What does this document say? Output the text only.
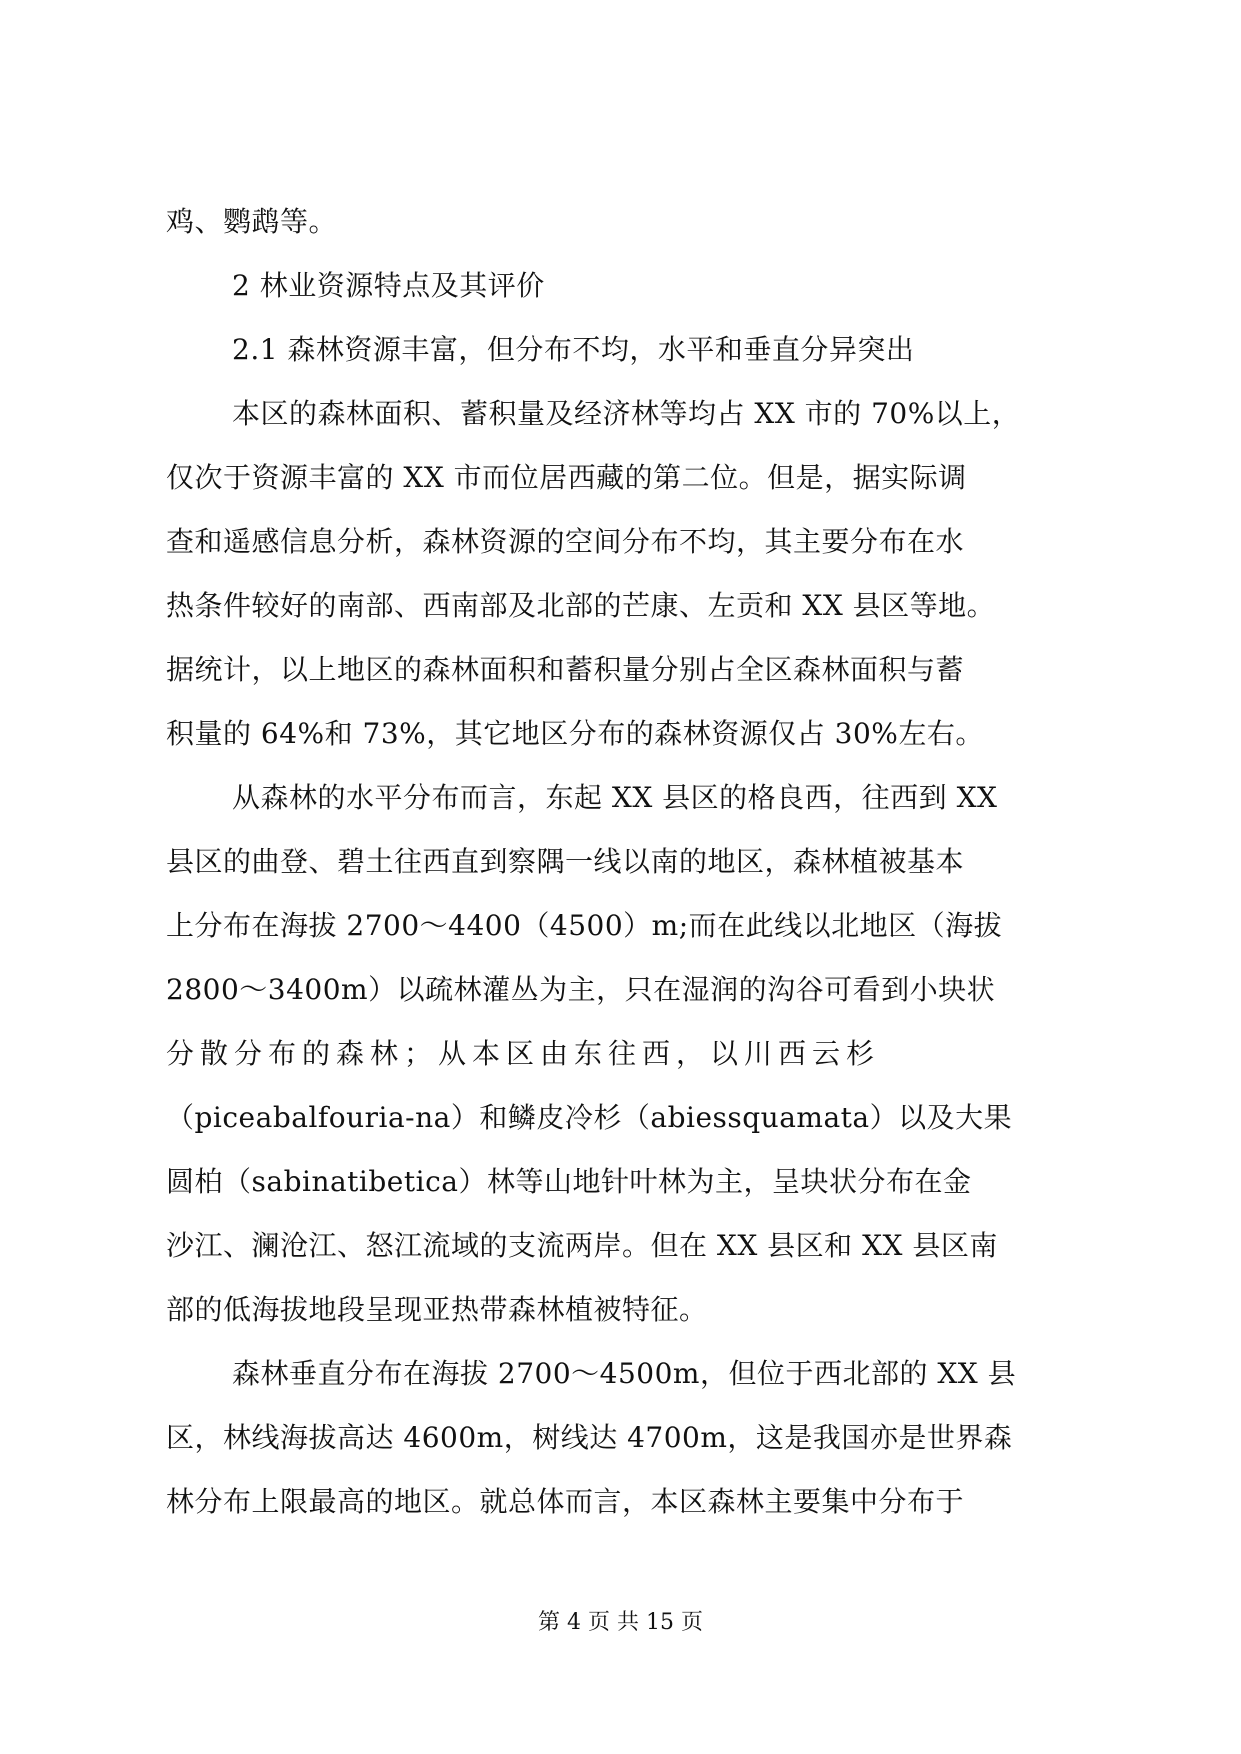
鸡、鹦鹉等。

2 林业资源特点及其评价

2.1 森林资源丰富，但分布不均，水平和垂直分异突出

本区的森林面积、蓄积量及经济林等均占 XX 市的 70%以上，

仅次于资源丰富的 XX 市而位居西藏的第二位。但是，据实际调

查和遥感信息分析，森林资源的空间分布不均，其主要分布在水

热条件较好的南部、西南部及北部的芒康、左贡和 XX 县区等地。

据统计，以上地区的森林面积和蓄积量分别占全区森林面积与蓄

积量的 64%和 73%，其它地区分布的森林资源仅占 30%左右。

从森林的水平分布而言，东起 XX 县区的格良西，往西到 XX

县区的曲登、碧土往西直到察隅一线以南的地区，森林植被基本

上分布在海拔 2700～4400（4500）m;而在此线以北地区（海拔

2800～3400m）以疏林灌丛为主，只在湿润的沟谷可看到小块状

分散分布的森林；从本区由东往西，以川西云杉

（piceabalfouria-na）和鳞皮冷杉（abiessquamata）以及大果

圆柏（sabinatibetica）林等山地针叶林为主，呈块状分布在金

沙江、澜沧江、怒江流域的支流两岸。但在 XX 县区和 XX 县区南

部的低海拔地段呈现亚热带森林植被特征。

森林垂直分布在海拔 2700～4500m，但位于西北部的 XX 县

区，林线海拔高达 4600m，树线达 4700m，这是我国亦是世界森

林分布上限最高的地区。就总体而言，本区森林主要集中分布于

第 4 页 共 15 页
